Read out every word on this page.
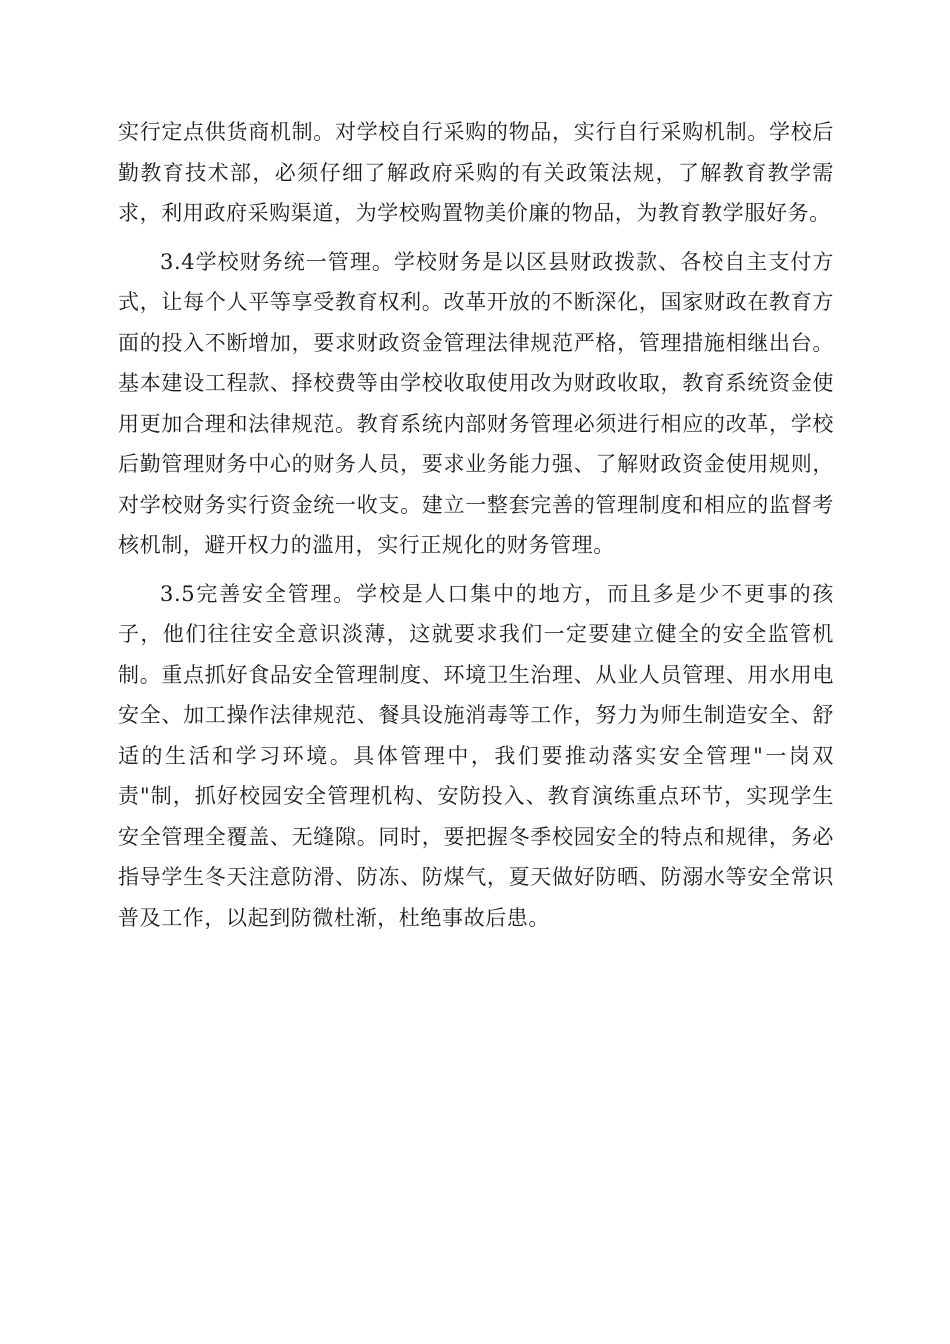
实行定点供货商机制。对学校自行采购的物品，实行自行采购机制。学校后勤教育技术部，必须仔细了解政府采购的有关政策法规，了解教育教学需求，利用政府采购渠道，为学校购置物美价廉的物品，为教育教学服好务。

3.4学校财务统一管理。学校财务是以区县财政拨款、各校自主支付方式，让每个人平等享受教育权利。改革开放的不断深化，国家财政在教育方面的投入不断增加，要求财政资金管理法律规范严格，管理措施相继出台。基本建设工程款、择校费等由学校收取使用改为财政收取，教育系统资金使用更加合理和法律规范。教育系统内部财务管理必须进行相应的改革，学校后勤管理财务中心的财务人员，要求业务能力强、了解财政资金使用规则，对学校财务实行资金统一收支。建立一整套完善的管理制度和相应的监督考核机制，避开权力的滥用，实行正规化的财务管理。

3.5完善安全管理。学校是人口集中的地方，而且多是少不更事的孩子，他们往往安全意识淡薄，这就要求我们一定要建立健全的安全监管机制。重点抓好食品安全管理制度、环境卫生治理、从业人员管理、用水用电安全、加工操作法律规范、餐具设施消毒等工作，努力为师生制造安全、舒适的生活和学习环境。具体管理中，我们要推动落实安全管理"一岗双责"制，抓好校园安全管理机构、安防投入、教育演练重点环节，实现学生安全管理全覆盖、无缝隙。同时，要把握冬季校园安全的特点和规律，务必指导学生冬天注意防滑、防冻、防煤气，夏天做好防晒、防溺水等安全常识普及工作，以起到防微杜渐，杜绝事故后患。
